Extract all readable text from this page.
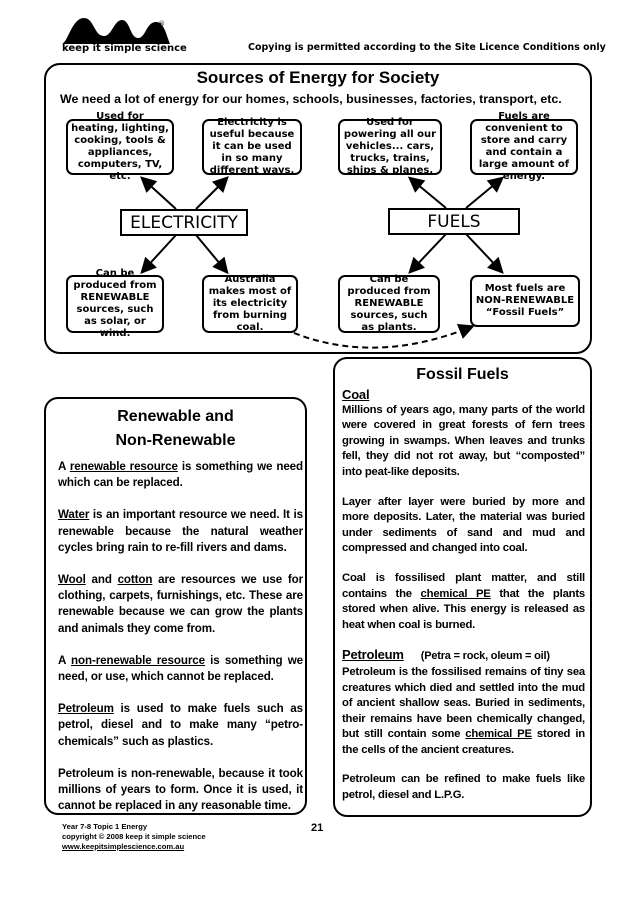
®
keep it simple science	Copying is permitted according to the Site Licence Conditions only
Sources of Energy for Society
We need a lot of energy for our homes, schools, businesses, factories, transport, etc.
Used for heating, lighting, cooking, tools & appliances, computers, TV, etc.
Electricity is useful because it can be used in so many different ways.
Used for powering all our vehicles... cars, trucks, trains, ships & planes.
Fuels are convenient to store and carry and contain a large amount of energy.
ELECTRICITY	FUELS
Can be produced from RENEWABLE sources, such as solar, or wind.
Australia makes most of its electricity from burning coal.
Can be produced from RENEWABLE sources, such as plants.
Most fuels are NON-RENEWABLE “Fossil Fuels”
Fossil Fuels
Coal

Millions of years ago, many parts of the world were covered in great forests of fern trees growing in swamps. When leaves and trunks fell, they did not rot away, but “composted” into peat-like deposits.

Layer after layer were buried by more and more deposits. Later, the material was buried under sediments of sand and mud and compressed and changed into coal.

Coal is fossilised plant matter, and still contains the chemical PE that the plants stored when alive. This energy is released as heat when coal is burned.

Petroleum (Petra = rock, oleum = oil)

Petroleum is the fossilised remains of tiny sea creatures which died and settled into the mud of ancient shallow seas. Buried in sediments, their remains have been chemically changed, but still contain some chemical PE stored in the cells of the ancient creatures.

Petroleum can be refined to make fuels like petrol, diesel and L.P.G.

Renewable and
Non-Renewable

A renewable resource is something we need which can be replaced.

Water is an important resource we need. It is renewable because the natural weather cycles bring rain to re-fill rivers and dams.

Wool and cotton are resources we use for clothing, carpets, furnishings, etc. These are renewable because we can grow the plants and animals they come from.

A non-renewable resource is something we need, or use, which cannot be replaced.

Petroleum is used to make fuels such as petrol, diesel and to make many “petro-chemicals” such as plastics.

Petroleum is non-renewable, because it took millions of years to form. Once it is used, it cannot be replaced in any reasonable time.

Year 7-8 Topic 1 Energy
copyright © 2008 keep it simple science
www.keepitsimplescience.com.au
21
